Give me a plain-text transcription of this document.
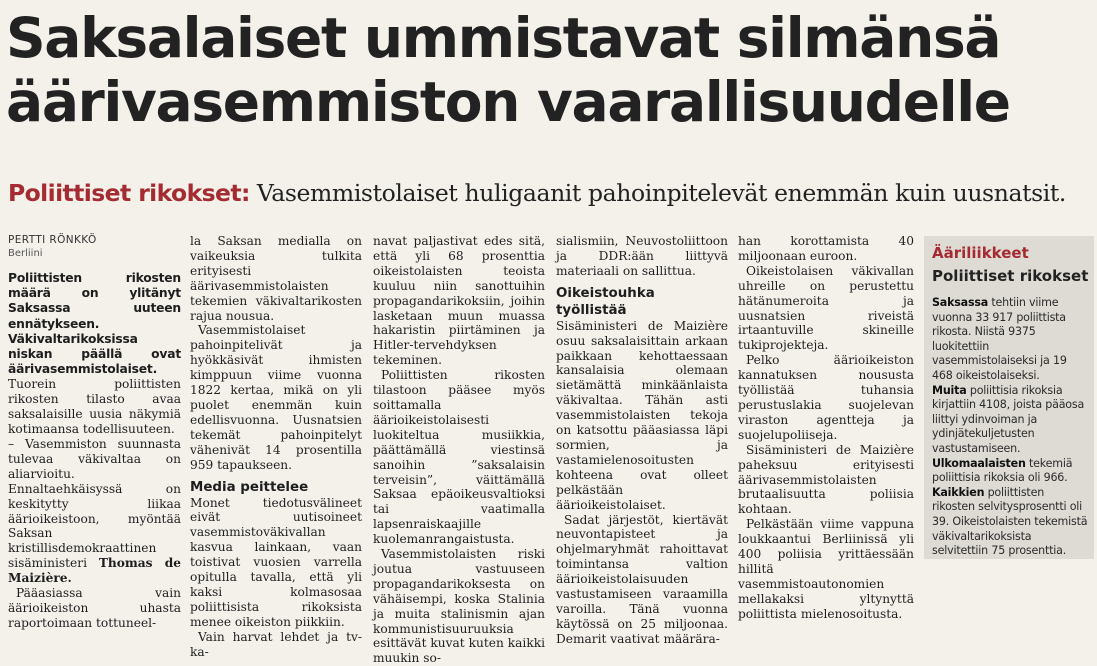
Saksalaiset ummistavat silmänsä
äärivasemmiston vaarallisuudelle
Poliittiset rikokset: Vasemmistolaiset huligaanit pahoinpitelevät enemmän kuin uusnatsit.
PERTTI RÖNKKÖ
Berliini

Poliittisten rikosten määrä on ylitänyt Saksassa uuteen ennätykseen. Väkivaltarikoksissa niskan päällä ovat äärivasemmistolaiset.

Tuorein poliittisten rikosten tilasto avaa saksalaisille uusia näkymiä kotimaansa todellisuuteen.

– Vasemmiston suunnasta tulevaa väkivaltaa on aliarvioitu. Ennaltaehkäisyssä on keskitytty liikaa äärioikeistoon, myöntää Saksan kristillisdemokraattinen sisäministeri Thomas de Maizière.

Pääasiassa vain äärioikeiston uhasta raportoimaan tottuneel-

la Saksan medialla on vaikeuksia tulkita erityisesti äärivasemmistolaisten tekemien väkivaltarikosten rajua nousua.

Vasemmistolaiset pahoinpitelivät ja hyökkäsivät ihmisten kimppuun viime vuonna 1822 kertaa, mikä on yli puolet enemmän kuin edellisvuonna. Uusnatsien tekemät pahoinpitelyt vähenivät 14 prosentilla 959 tapaukseen.

Media peittelee

Monet tiedotusvälineet eivät uutisoineet vasemmistoväkivallan kasvua lainkaan, vaan toistivat vuosien varrella opitulla tavalla, että yli kaksi kolmasosaa poliittisista rikoksista menee oikeiston piikkiin.

Vain harvat lehdet ja tv-ka-

navat paljastivat edes sitä, että yli 68 prosenttia oikeistolaisten teoista kuuluu niin sanottuihin propagandarikoksiin, joihin lasketaan muun muassa hakaristin piirtäminen ja Hitler-tervehdyksen tekeminen.

Poliittisten rikosten tilastoon pääsee myös soittamalla äärioikeistolaisesti luokiteltua musiikkia, päättämällä viestinsä sanoihin ”saksalaisin terveisin”, väittämällä Saksaa epäoikeusvaltioksi tai vaatimalla lapsenraiskaajille kuolemanrangaistusta.

Vasemmistolaisten riski joutua vastuuseen propagandarikoksesta on vähäisempi, koska Stalinia ja muita stalinismin ajan kommunistisuuruuksia esittävät kuvat kuten kaikki muukin so-

sialismiin, Neuvostoliittoon ja DDR:ään liittyvä materiaali on sallittua.

Oikeistouhka työllistää

Sisäministeri de Maizière osuu saksalaisittain arkaan paikkaan kehottaessaan kansalaisia olemaan sietämättä minkäänlaista väkivaltaa. Tähän asti vasemmistolaisten tekoja on katsottu pääasiassa läpi sormien, ja vastamielenosoitusten kohteena ovat olleet pelkästään äärioikeistolaiset.

Sadat järjestöt, kiertävät neuvontapisteet ja ohjelmaryhmät rahoittavat toimintansa valtion äärioikeistolaisuuden vastustamiseen varaamilla varoilla. Tänä vuonna käytössä on 25 miljoonaa. Demarit vaativat määrära-

han korottamista 40 miljoonaan euroon.

Oikeistolaisen väkivallan uhreille on perustettu hätänumeroita ja uusnatsien riveistä irtaantuville skineille tukiprojekteja.

Pelko äärioikeiston kannatuksen noususta työllistää tuhansia perustuslakia suojelevan viraston agentteja ja suojelupoliiseja.

Sisäministeri de Maizière paheksuu erityisesti äärivasemmistolaisten brutaalisuutta poliisia kohtaan.

Pelkästään viime vappuna loukkaantui Berliinissä yli 400 poliisia yrittäessään hillitä vasemmistoautonomien mellakaksi yltynyttä poliittista mielenosoitusta.

Ääriliikkeet
Poliittiset rikokset

Saksassa tehtiin viime vuonna 33 917 poliittista rikosta. Niistä 9375 luokitettiin vasemmistolaiseksi ja 19 468 oikeistolaiseksi.

Muita poliittisia rikoksia kirjattiin 4108, joista pääosa liittyi ydinvoiman ja ydinjätekuljetusten vastustamiseen.

Ulkomaalaisten tekemiä poliittisia rikoksia oli 966.

Kaikkien poliittisten rikosten selvitysprosentti oli 39. Oikeistolaisten tekemistä väkivaltarikoksista selvitettiin 75 prosenttia.
